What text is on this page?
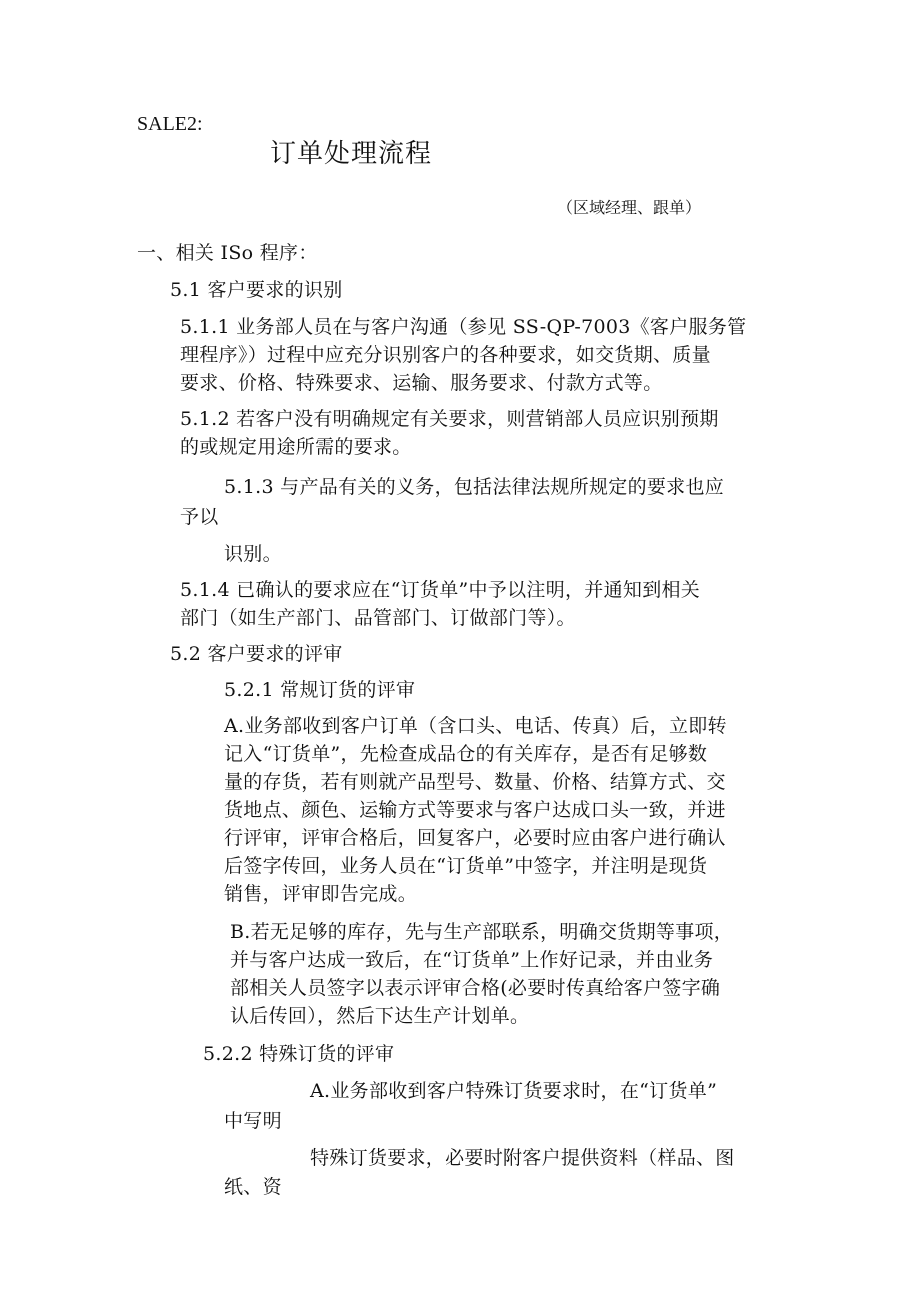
SALE2:
订单处理流程
（区域经理、跟单）
一、相关 ISo 程序：
5.1 客户要求的识别
5.1.1 业务部人员在与客户沟通（参见 SS-QP-7003《客户服务管
理程序》）过程中应充分识别客户的各种要求，如交货期、质量
要求、价格、特殊要求、运输、服务要求、付款方式等。
5.1.2 若客户没有明确规定有关要求，则营销部人员应识别预期
的或规定用途所需的要求。
5.1.3 与产品有关的义务，包括法律法规所规定的要求也应
予以
识别。
5.1.4 已确认的要求应在“订货单”中予以注明，并通知到相关
部门（如生产部门、品管部门、订做部门等）。
5.2 客户要求的评审
5.2.1 常规订货的评审
A.业务部收到客户订单（含口头、电话、传真）后，立即转
记入“订货单”，先检查成品仓的有关库存，是否有足够数
量的存货，若有则就产品型号、数量、价格、结算方式、交
货地点、颜色、运输方式等要求与客户达成口头一致，并进
行评审，评审合格后，回复客户，必要时应由客户进行确认
后签字传回，业务人员在“订货单”中签字，并注明是现货
销售，评审即告完成。
B.若无足够的库存，先与生产部联系，明确交货期等事项，
并与客户达成一致后，在“订货单”上作好记录，并由业务
部相关人员签字以表示评审合格(必要时传真给客户签字确
认后传回），然后下达生产计划单。
5.2.2 特殊订货的评审
A.业务部收到客户特殊订货要求时，在“订货单”
中写明
特殊订货要求，必要时附客户提供资料（样品、图
纸、资
